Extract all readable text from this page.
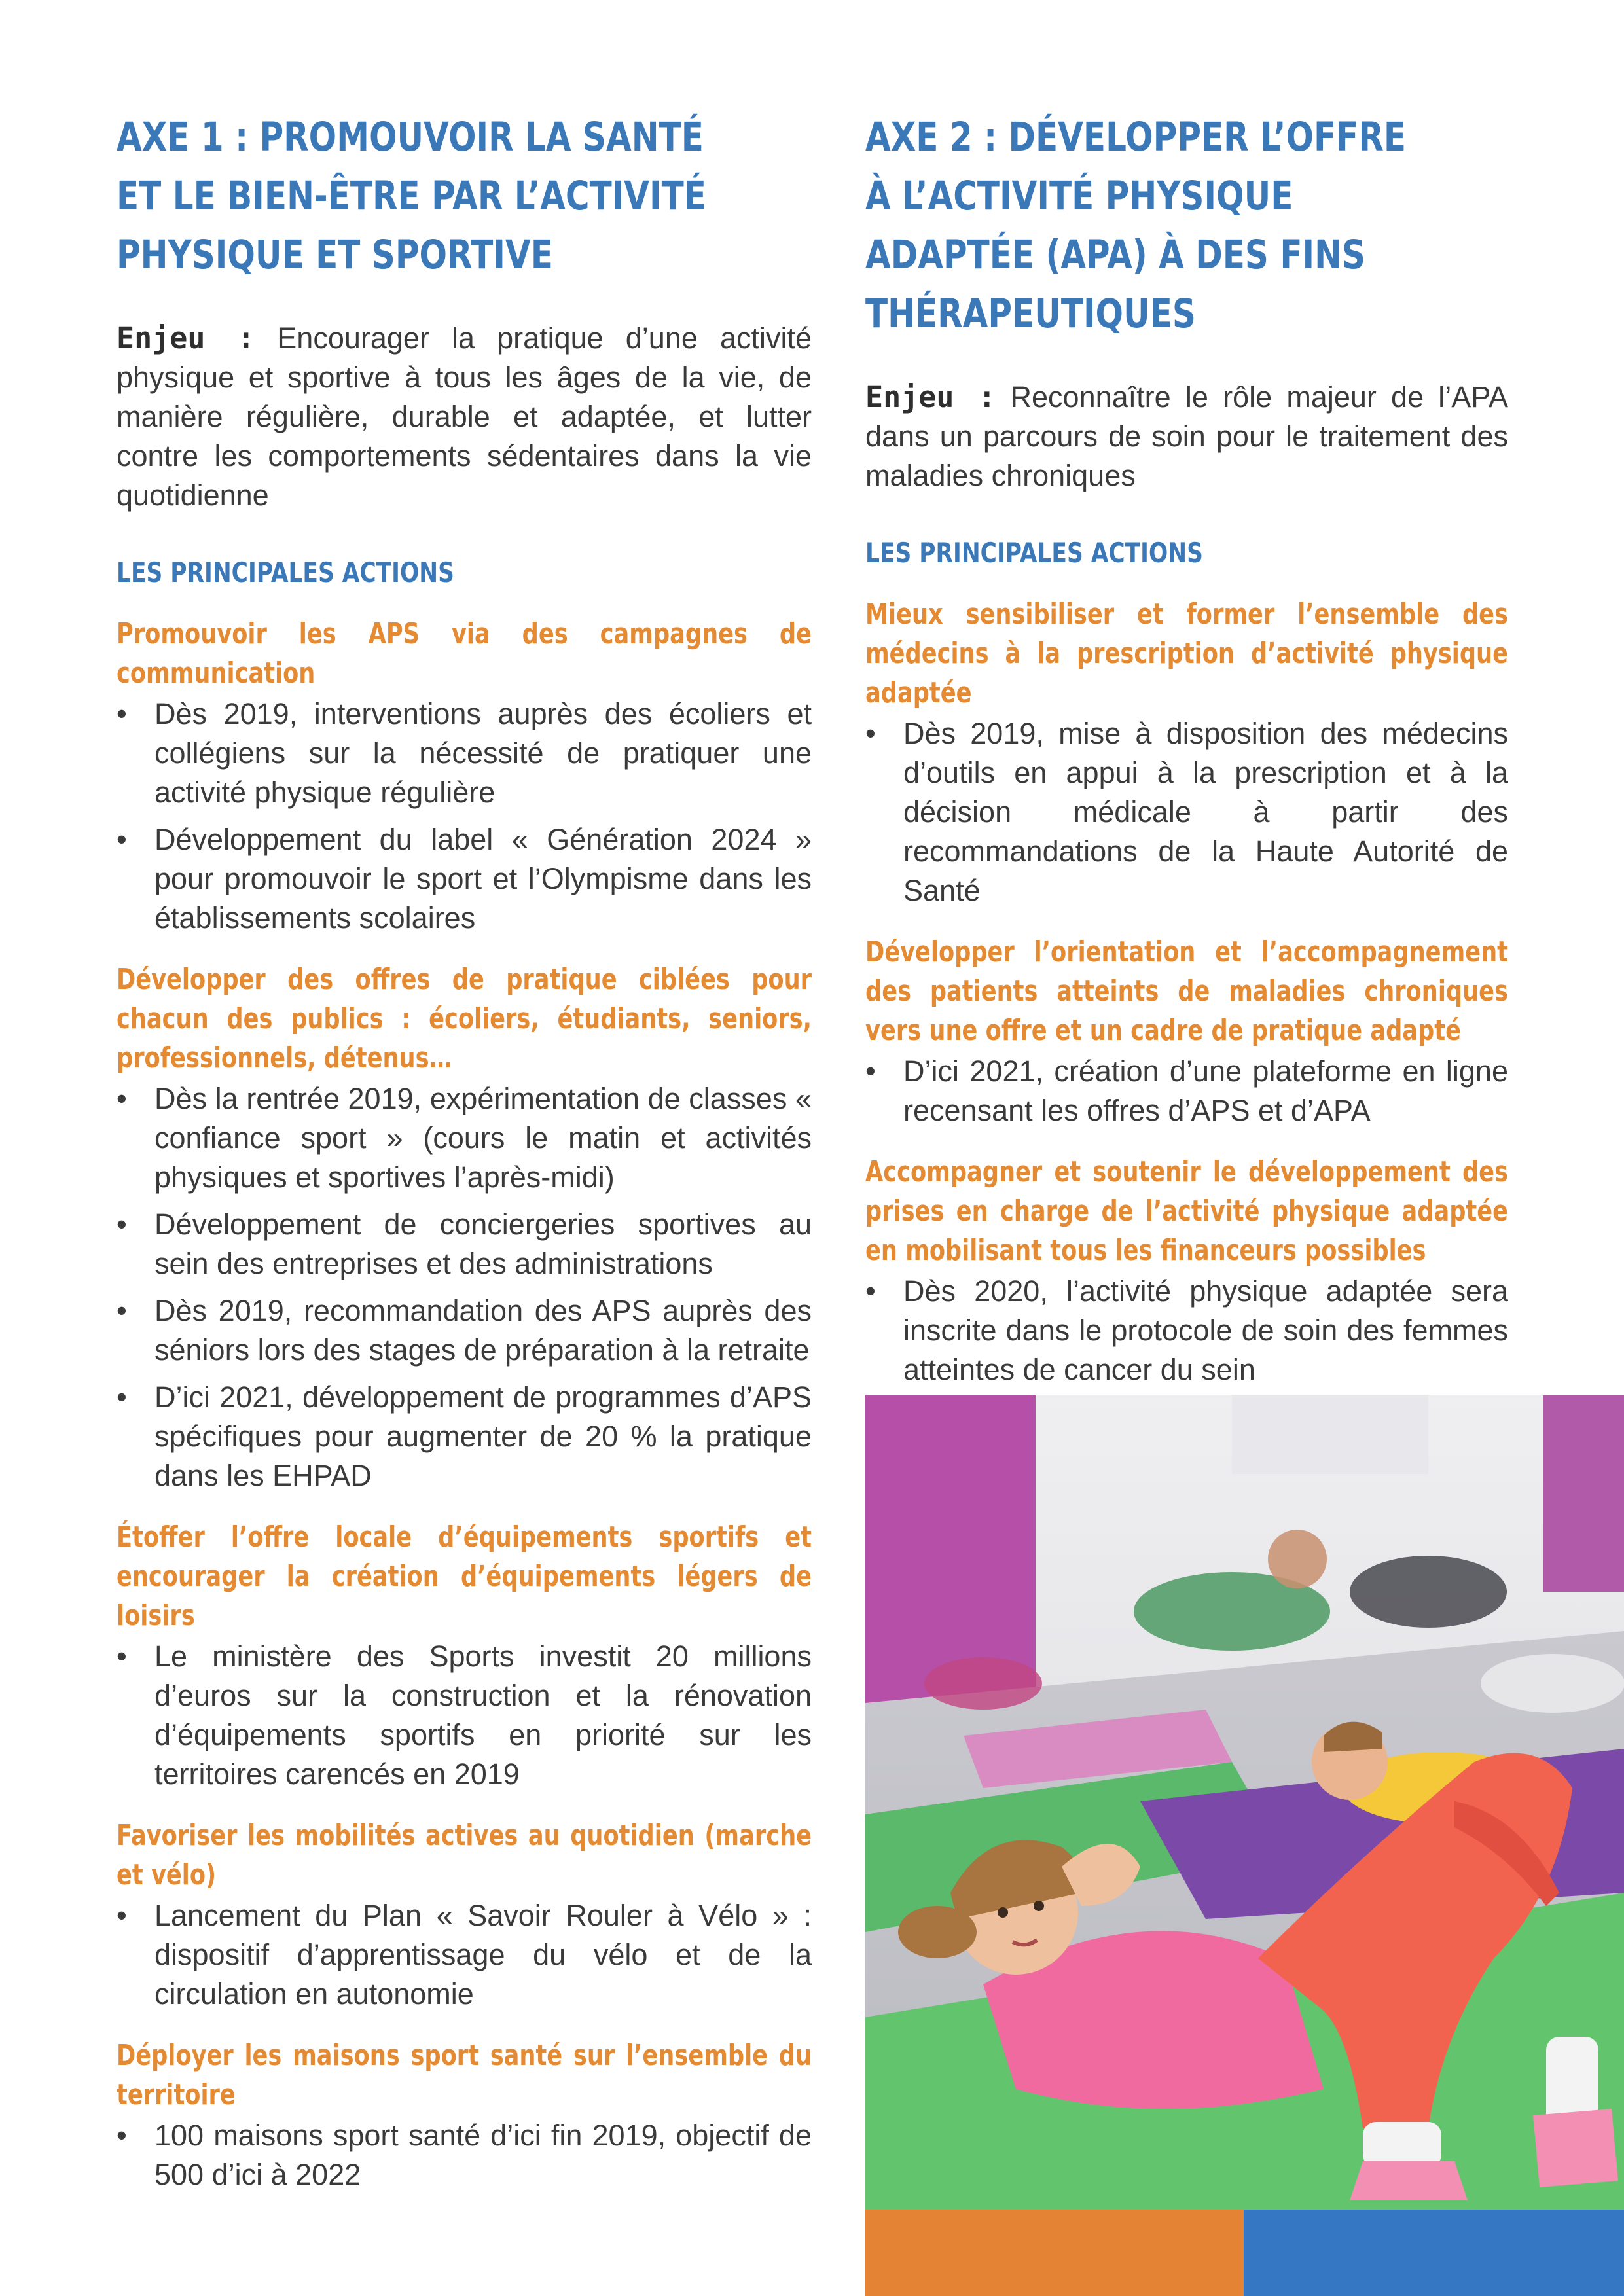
AXE 1 : PROMOUVOIR LA SANTÉ
ET LE BIEN-ÊTRE PAR L’ACTIVITÉ
PHYSIQUE ET SPORTIVE

Enjeu : Encourager la pratique d’une activité physique et sportive à tous les âges de la vie, de manière régulière, durable et adaptée, et lutter contre les comportements sédentaires dans la vie quotidienne

LES PRINCIPALES ACTIONS
Promouvoir les APS via des campagnes de communication
• Dès 2019, interventions auprès des écoliers et collégiens sur la nécessité de pratiquer une activité physique régulière
• Développement du label « Génération 2024 » pour promouvoir le sport et l’Olympisme dans les établissements scolaires
Développer des offres de pratique ciblées pour chacun des publics : écoliers, étudiants, seniors, professionnels, détenus…
• Dès la rentrée 2019, expérimentation de classes « confiance sport » (cours le matin et activités physiques et sportives l’après-midi)
• Développement de conciergeries sportives au sein des entreprises et des administrations
• Dès 2019, recommandation des APS auprès des séniors lors des stages de préparation à la retraite
• D’ici 2021, développement de programmes d’APS spécifiques pour augmenter de 20 % la pratique dans les EHPAD
Étoffer l’offre locale d’équipements sportifs et encourager la création d’équipements légers de loisirs
• Le ministère des Sports investit 20 millions d’euros sur la construction et la rénovation d’équipements sportifs en priorité sur les territoires carencés en 2019
Favoriser les mobilités actives au quotidien (marche et vélo)
• Lancement du Plan « Savoir Rouler à Vélo » : dispositif d’apprentissage du vélo et de la circulation en autonomie
Déployer les maisons sport santé sur l’ensemble du territoire
• 100 maisons sport santé d’ici fin 2019, objectif de 500 d’ici à 2022
AXE 2 : DÉVELOPPER L’OFFRE
À L’ACTIVITÉ PHYSIQUE
ADAPTÉE (APA) À DES FINS
THÉRAPEUTIQUES

Enjeu : Reconnaître le rôle majeur de l’APA dans un parcours de soin pour le traitement des maladies chroniques

LES PRINCIPALES ACTIONS
Mieux sensibiliser et former l’ensemble des médecins à la prescription d’activité physique adaptée
• Dès 2019, mise à disposition des médecins d’outils en appui à la prescription et à la décision médicale à partir des recommandations de la Haute Autorité de Santé
Développer l’orientation et l’accompagnement des patients atteints de maladies chroniques vers une offre et un cadre de pratique adapté
• D’ici 2021, création d’une plateforme en ligne recensant les offres d’APS et d’APA
Accompagner et soutenir le développement des prises en charge de l’activité physique adaptée en mobilisant tous les financeurs possibles
• Dès 2020, l’activité physique adaptée sera inscrite dans le protocole de soin des femmes atteintes de cancer du sein
